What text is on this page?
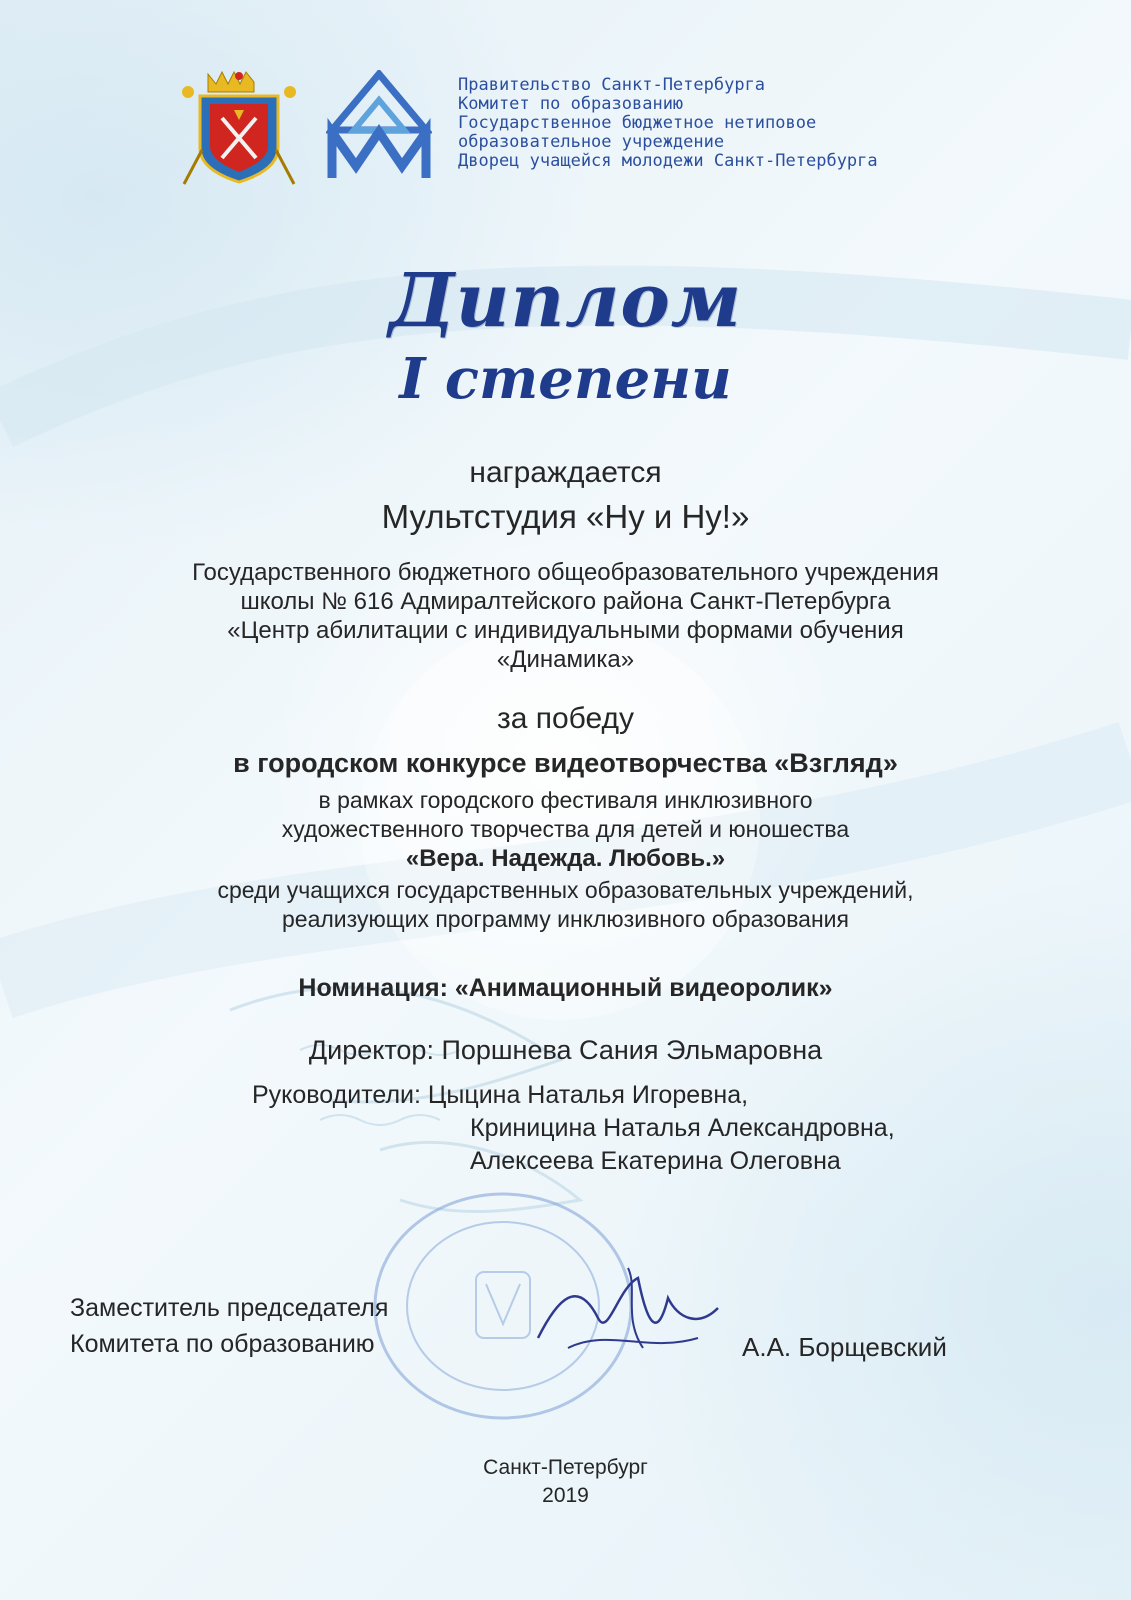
Правительство Санкт-Петербурга
Комитет по образованию
Государственное бюджетное нетиповое
образовательное учреждение
Дворец учащейся молодежи Санкт-Петербурга
Диплом
I степени
награждается
Мультстудия «Ну и Ну!»
Государственного бюджетного общеобразовательного учреждения
школы № 616 Адмиралтейского района Санкт-Петербурга
«Центр абилитации с индивидуальными формами обучения
«Динамика»
за победу
в городском конкурсе видеотворчества «Взгляд»
в рамках городского фестиваля инклюзивного
художественного творчества для детей и юношества
«Вера. Надежда. Любовь.»
среди учащихся государственных образовательных учреждений,
реализующих программу инклюзивного образования
Номинация: «Анимационный видеоролик»
Директор: Поршнева Сания Эльмаровна
Руководители: Цыцина Наталья Игоревна,
Криницина Наталья Александровна,
Алексеева Екатерина Олеговна
Заместитель председателя
Комитета по образованию	А.А. Борщевский
Санкт-Петербург
2019
